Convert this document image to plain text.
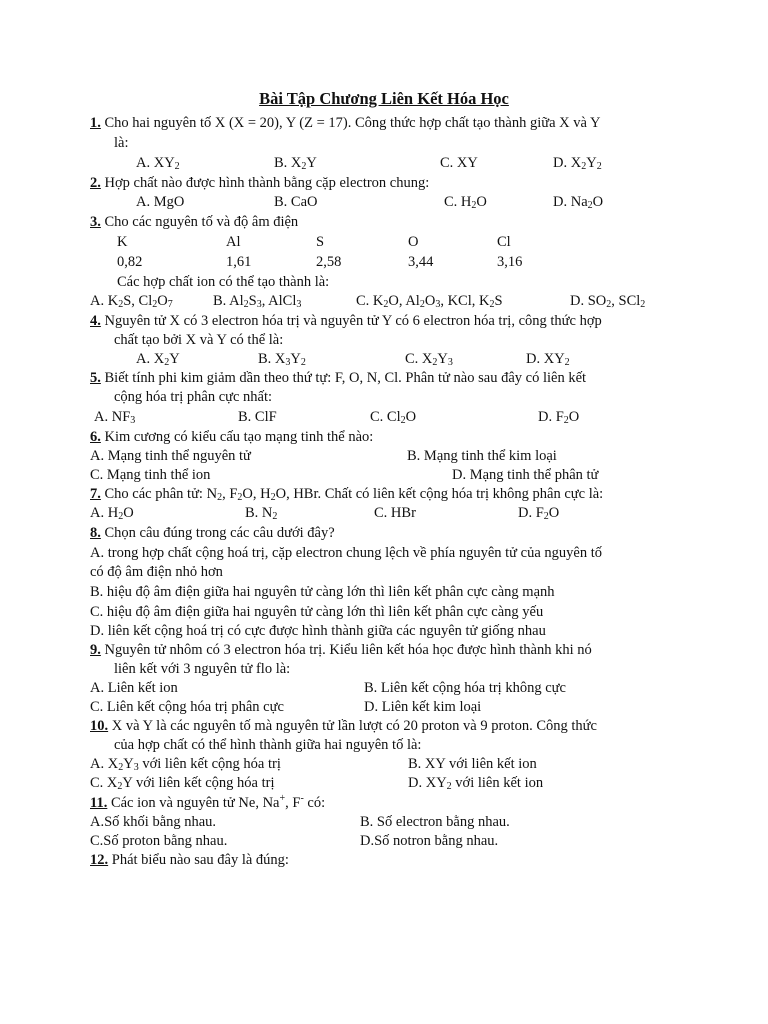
Bài Tập Chương Liên Kết Hóa Học
1. Cho hai nguyên tố X (X = 20), Y (Z = 17). Công thức hợp chất tạo thành giữa X và Y
là:
A. $XY_2$	B. $X_2Y$	C. XY	D. $X_2Y_2$
2. Hợp chất nào được hình thành bằng cặp electron chung:
A. MgO	B. CaO	C. $H_2O$	D. $Na_2O$
3. Cho các nguyên tố và độ âm điện
K	Al	S	O	Cl
0,82	1,61	2,58	3,44	3,16
Các hợp chất ion có thể tạo thành là:
A. $K_2S$, $Cl_2O_7$	B. $Al_2S_3$, AlCl$_3$	C. $K_2O$, $Al_2O_3$, KCl, $K_2S$	D. $SO_2$, SCl$_2$
4. Nguyên tử X có 3 electron hóa trị và nguyên tử Y có 6 electron hóa trị, công thức hợp
chất tạo bởi X và Y có thể là:
A. $X_2Y$	B. $X_3Y_2$	C. $X_2Y_3$	D. $XY_2$
5. Biết tính phi kim giảm dần theo thứ tự: F, O, N, Cl. Phân tử nào sau đây có liên kết
cộng hóa trị phân cực nhất:
A. $NF_3$	B. ClF	C. $Cl_2O$	D. $F_2O$
6. Kim cương có kiểu cấu tạo mạng tinh thể nào:
A. Mạng tinh thể nguyên tử	B. Mạng tinh thể kim loại
C. Mạng tinh thể ion	D. Mạng tinh thể phân tử
7. Cho các phân tử: $N_2$, $F_2O$, $H_2O$, HBr. Chất có liên kết cộng hóa trị không phân cực là:
A. $H_2O$	B. $N_2$	C. HBr	D. $F_2O$
8. Chọn câu đúng trong các câu dưới đây?
A. trong hợp chất cộng hoá trị, cặp electron chung lệch về phía nguyên tử của nguyên tố
có độ âm điện nhỏ hơn
B. hiệu độ âm điện giữa hai nguyên tử càng lớn thì liên kết phân cực càng mạnh
C. hiệu độ âm điện giữa hai nguyên tử càng lớn thì liên kết phân cực càng yếu
D. liên kết cộng hoá trị có cực được hình thành giữa các nguyên tử giống nhau
9. Nguyên tử nhôm có 3 electron hóa trị. Kiểu liên kết hóa học được hình thành khi nó
liên kết với 3 nguyên tử flo là:
A. Liên kết ion	B. Liên kết cộng hóa trị không cực
C. Liên kết cộng hóa trị phân cực	D. Liên kết kim loại
10. X và Y là các nguyên tố mà nguyên tử lần lượt có 20 proton và 9 proton. Công thức
của hợp chất có thể hình thành giữa hai nguyên tố là:
A. $X_2Y_3$ với liên kết cộng hóa trị	B. XY với liên kết ion
C. $X_2Y$ với liên kết cộng hóa trị	D. $XY_2$ với liên kết ion
11. Các ion và nguyên tử Ne, Na+, F- có:
A.Số khối bằng nhau.	B. Số electron bằng nhau.
C.Số proton bằng nhau.	D.Số notron bằng nhau.
12. Phát biểu nào sau đây là đúng:
